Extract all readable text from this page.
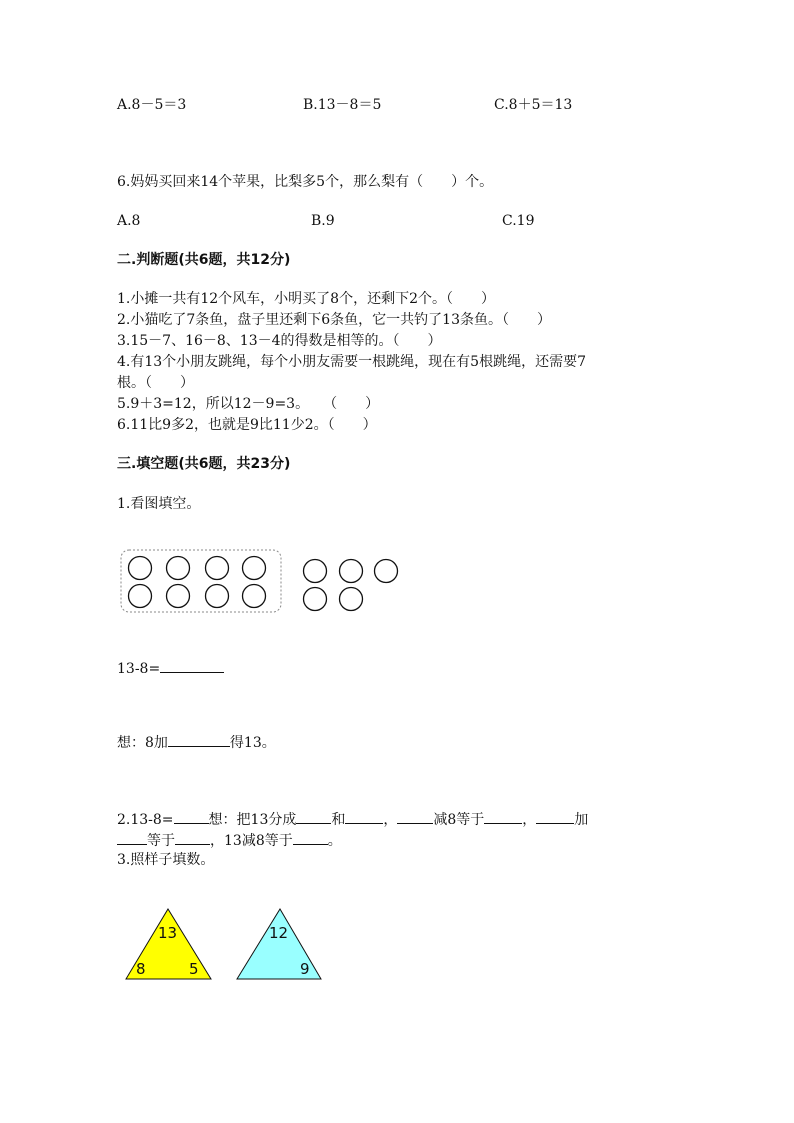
A.8－5＝3	B.13－8＝5	C.8＋5＝13
6.妈妈买回来14个苹果，比梨多5个，那么梨有（　　）个。
A.8	B.9	C.19
二.判断题(共6题，共12分)
1.小摊一共有12个风车，小明买了8个，还剩下2个。（　　）
2.小猫吃了7条鱼，盘子里还剩下6条鱼，它一共钓了13条鱼。（　　）
3.15－7、16－8、13－4的得数是相等的。（　　）
4.有13个小朋友跳绳，每个小朋友需要一根跳绳，现在有5根跳绳，还需要7
根。（　　）
5.9＋3=12，所以12－9=3。　　（　　）
6.11比9多2，也就是9比11少2。（　　）
三.填空题(共6题，共23分)
1.看图填空。
13-8=
想：8加	得13。
2.13-8=	想：把13分成	和	，	减8等于	，	加
等于	，13减8等于	。
3.照样子填数。
13
8	5
12
9
